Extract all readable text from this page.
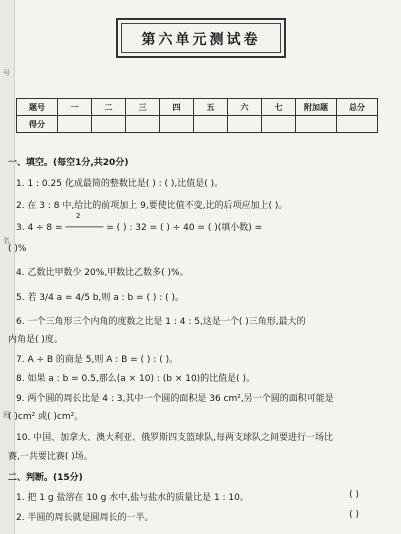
号
名
班
第六单元测试卷
题号	一	二	三	四	五	六	七	附加题	总分
得分									
一、填空。(每空1分,共20分)
1. 1 : 0.25 化成最简的整数比是( ) : ( ),比值是( )。
2. 在 3 : 8 中,给比的前项加上 9,要使比值不变,比的后项应加上( )。
3. 4 ÷ 8 = ─────── = ( ) : 32 = ( ) ÷ 40 = ( )(填小数) =
2
( )%
4. 乙数比甲数少 20%,甲数比乙数多( )%。
5. 若 3/4 a = 4/5 b,则 a : b = ( ) : ( )。
6. 一个三角形三个内角的度数之比是 1 : 4 : 5,这是一个( )三角形,最大的
内角是( )度。
7. A ÷ B 的商是 5,则 A : B = ( ) : ( )。
8. 如果 a : b = 0.5,那么(a × 10) : (b × 10)的比值是( )。
9. 两个圆的周长比是 4 : 3,其中一个圆的面积是 36 cm²,另一个圆的面积可能是
( )cm² 或( )cm²。
10. 中国、加拿大、澳大利亚、俄罗斯四支篮球队,每两支球队之间要进行一场比
赛,一共要比赛( )场。
二、判断。(15分)
1. 把 1 g 盐溶在 10 g 水中,盐与盐水的质量比是 1 : 10。	( )
2. 半圆的周长就是圆周长的一半。	( )
